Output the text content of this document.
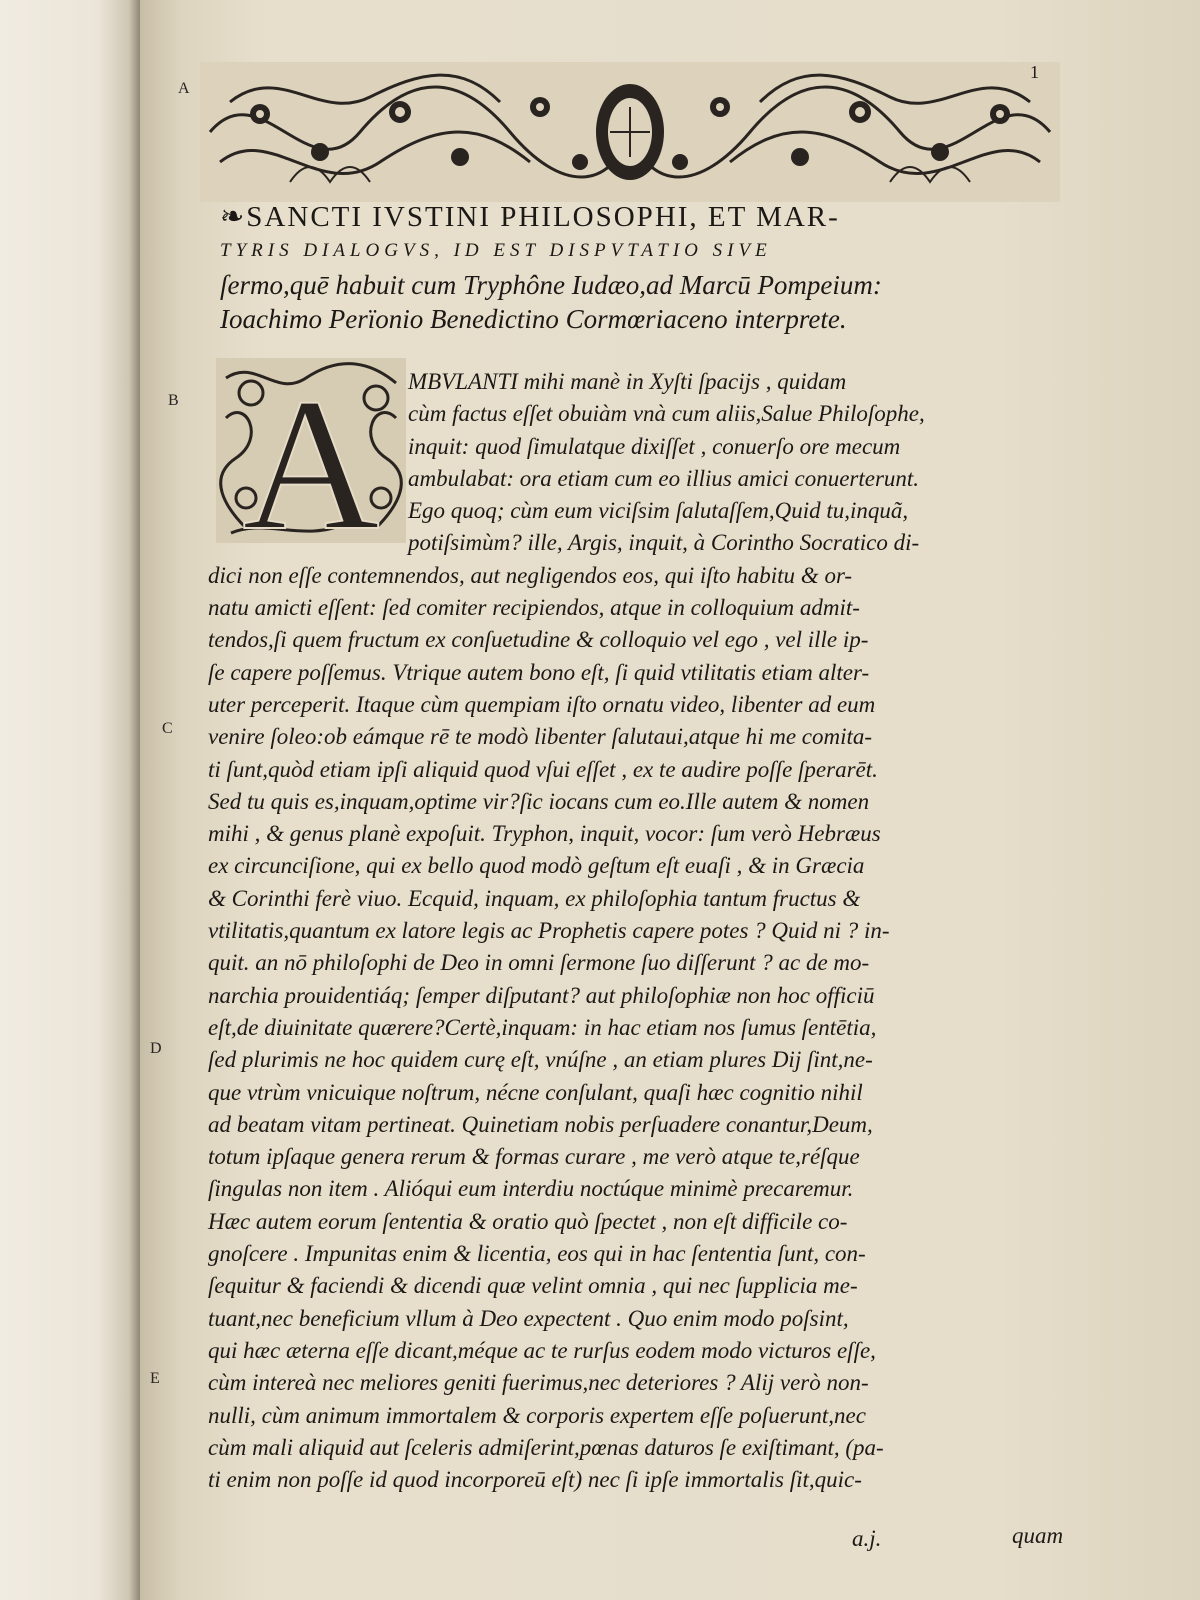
A
B
C
D
E
1
❧SANCTI IVSTINI PHILOSOPHI, ET MAR-
TYRIS DIALOGVS, ID EST DISPVTATIO SIVE
ſermo,quē habuit cum Tryphône Iudæo,ad Marcū Pompeium:
Ioachimo Perïonio Benedictino Cormœriaceno interprete.
A	MBVLANTI mihi manè in Xyſti ſpacijs , quidam
cùm factus eſſet obuiàm vnà cum aliis,Salue Philoſophe,
inquit: quod ſimulatque dixiſſet , conuerſo ore mecum
ambulabat: ora etiam cum eo illius amici conuerterunt.
Ego quoq; cùm eum viciſsim ſalutaſſem,Quid tu,inquã,
potiſsimùm? ille, Argis, inquit, à Corintho Socratico di-
dici non eſſe contemnendos, aut negligendos eos, qui iſto habitu & or-
natu amicti eſſent: ſed comiter recipiendos, atque in colloquium admit-
tendos,ſi quem fructum ex conſuetudine & colloquio vel ego , vel ille ip-
ſe capere poſſemus. Vtrique autem bono eſt, ſi quid vtilitatis etiam alter-
uter perceperit. Itaque cùm quempiam iſto ornatu video, libenter ad eum
venire ſoleo:ob eámque rē te modò libenter ſalutaui,atque hi me comita-
ti ſunt,quòd etiam ipſi aliquid quod vſui eſſet , ex te audire poſſe ſperarēt.
Sed tu quis es,inquam,optime vir?ſic iocans cum eo.Ille autem & nomen
mihi , & genus planè expoſuit. Tryphon, inquit, vocor: ſum verò Hebræus
ex circunciſione, qui ex bello quod modò geſtum eſt euaſi , & in Græcia
& Corinthi ferè viuo. Ecquid, inquam, ex philoſophia tantum fructus &
vtilitatis,quantum ex latore legis ac Prophetis capere potes ? Quid ni ? in-
quit. an nō philoſophi de Deo in omni ſermone ſuo diſſerunt ? ac de mo-
narchia prouidentiáq; ſemper diſputant? aut philoſophiæ non hoc officiū
eſt,de diuinitate quærere?Certè,inquam: in hac etiam nos ſumus ſentētia,
ſed plurimis ne hoc quidem curę eſt, vnúſne , an etiam plures Dij ſint,ne-
que vtrùm vnicuique noſtrum, nécne conſulant, quaſi hæc cognitio nihil
ad beatam vitam pertineat. Quinetiam nobis perſuadere conantur,Deum,
totum ipſaque genera rerum & formas curare , me verò atque te,réſque
ſingulas non item . Alióqui eum interdiu noctúque minimè precaremur.
Hæc autem eorum ſententia & oratio quò ſpectet , non eſt difficile co-
gnoſcere . Impunitas enim & licentia, eos qui in hac ſententia ſunt, con-
ſequitur & faciendi & dicendi quæ velint omnia , qui nec ſupplicia me-
tuant,nec beneficium vllum à Deo expectent . Quo enim modo poſsint,
qui hæc æterna eſſe dicant,méque ac te rurſus eodem modo victuros eſſe,
cùm intereà nec meliores geniti fuerimus,nec deteriores ? Alij verò non-
nulli, cùm animum immortalem & corporis expertem eſſe poſuerunt,nec
cùm mali aliquid aut ſceleris admiſerint,pœnas daturos ſe exiſtimant, (pa-
ti enim non poſſe id quod incorporeū eſt) nec ſi ipſe immortalis ſit,quic-
a.j.	quam
